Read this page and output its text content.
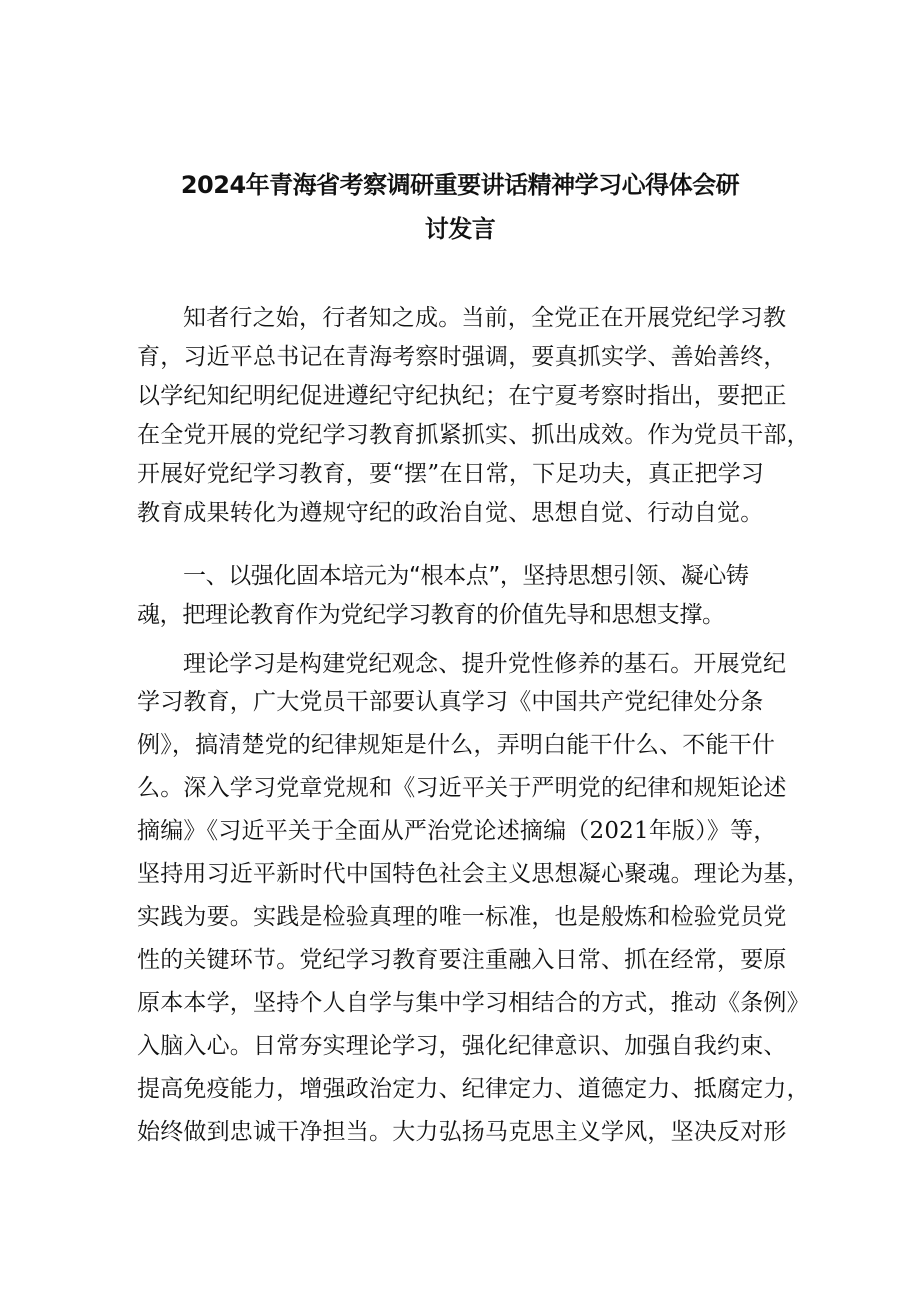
2024年青海省考察调研重要讲话精神学习心得体会研
讨发言
知者行之始，行者知之成。当前，全党正在开展党纪学习教
育，习近平总书记在青海考察时强调，要真抓实学、善始善终，
以学纪知纪明纪促进遵纪守纪执纪；在宁夏考察时指出，要把正
在全党开展的党纪学习教育抓紧抓实、抓出成效。作为党员干部，
开展好党纪学习教育，要“摆”在日常，下足功夫，真正把学习
教育成果转化为遵规守纪的政治自觉、思想自觉、行动自觉。
一、以强化固本培元为“根本点”，坚持思想引领、凝心铸
魂，把理论教育作为党纪学习教育的价值先导和思想支撑。
理论学习是构建党纪观念、提升党性修养的基石。开展党纪
学习教育，广大党员干部要认真学习《中国共产党纪律处分条
例》，搞清楚党的纪律规矩是什么，弄明白能干什么、不能干什
么。深入学习党章党规和《习近平关于严明党的纪律和规矩论述
摘编》《习近平关于全面从严治党论述摘编（2021年版）》等，
坚持用习近平新时代中国特色社会主义思想凝心聚魂。理论为基，
实践为要。实践是检验真理的唯一标准，也是般炼和检验党员党
性的关键环节。党纪学习教育要注重融入日常、抓在经常，要原
原本本学，坚持个人自学与集中学习相结合的方式，推动《条例》
入脑入心。日常夯实理论学习，强化纪律意识、加强自我约束、
提高免疫能力，增强政治定力、纪律定力、道德定力、抵腐定力，
始终做到忠诚干净担当。大力弘扬马克思主义学风，坚决反对形
